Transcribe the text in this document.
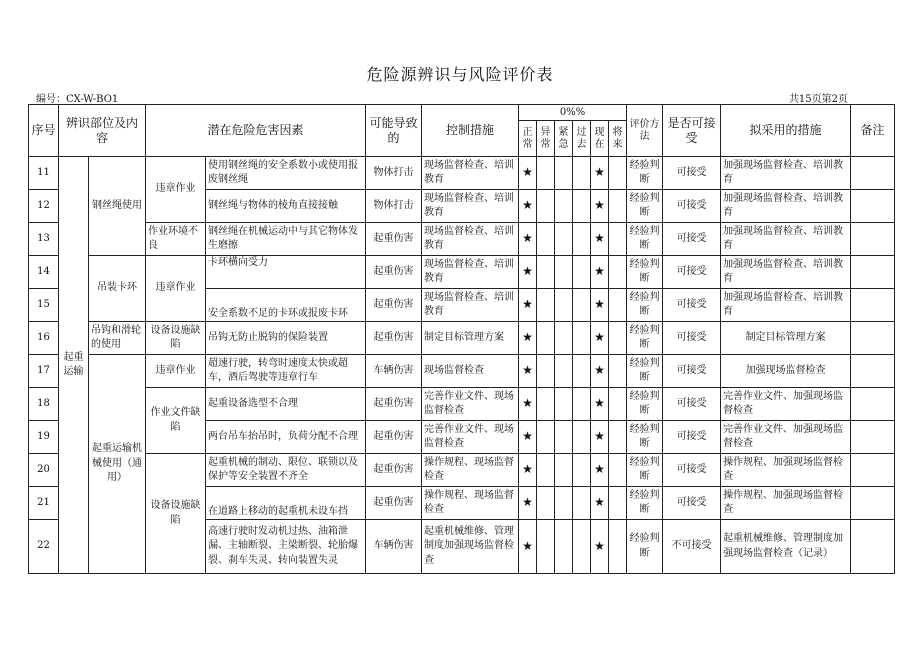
危险源辨识与风险评价表
编号：CX-W-BO1	共15页第2页
序号	辨识部位及内容		潜在危险危害因素		可能导致的	控制措施	0%%						评价方法	是否可接受	拟采用的措施	备注
							正常	异常	紧急	过去	现在	将来				
11	起重运输	钢丝绳使用	违章作业	使用钢丝绳的安全系数小或使用报废钢丝绳	物体打击	现场监督检查、培训教育	★				★		经验判断	可接受	加强现场监督检查、培训教育	
12				钢丝绳与物体的棱角直接接触	物体打击	现场监督检查、培训教育	★				★		经验判断	可接受	加强现场监督检查、培训教育	
13			作业环境不良	钢丝绳在机械运动中与其它物体发生磨擦	起重伤害	现场监督检查、培训教育	★				★		经验判断	可接受	加强现场监督检查、培训教育	
14		吊装卡环	违章作业	卡环横向受力	起重伤害	现场监督检查、培训教育	★				★		经验判断	可接受	加强现场监督检查、培训教育	
15				安全系数不足的卡环或报废卡环	起重伤害	现场监督检查、培训教育	★				★		经验判断	可接受	加强现场监督检查、培训教育	
16		吊钩和滑轮的使用	设备设施缺陷	吊钩无防止脱钩的保险装置	起重伤害	制定目标管理方案	★				★		经验判断	可接受	制定目标管理方案	
17		起重运输机械使用（通用）	违章作业	超速行驶，转弯时速度太快或超车，酒后驾驶等违章行车	车辆伤害	现场监督检查	★				★		经验判断	可接受	加强现场监督检查	
18			作业文件缺陷	起重设备选型不合理	起重伤害	完善作业文件、现场监督检查	★				★		经验判断	可接受	完善作业文件、加强现场监督检查	
19				两台吊车抬吊时，负荷分配不合理	起重伤害	完善作业文件、现场监督检查	★				★		经验判断	可接受	完善作业文件、加强现场监督检查	
20			设备设施缺陷	起重机械的制动、限位、联锁以及保护等安全装置不齐全	起重伤害	操作规程、现场监督检查	★				★		经验判断	可接受	操作规程、加强现场监督检查	
21				在道路上移动的起重机未设车挡	起重伤害	操作规程、现场监督检查	★				★		经验判断	可接受	操作规程、加强现场监督检查	
22				高速行驶时发动机过热、油箱泄漏、主轴断裂、主梁断裂、轮胎爆裂、刹车失灵、转向装置失灵	车辆伤害	起重机械维修、管理制度加强现场监督检查	★				★		经验判断	不可接受	起重机械维修、管理制度加强现场监督检查（记录）	
